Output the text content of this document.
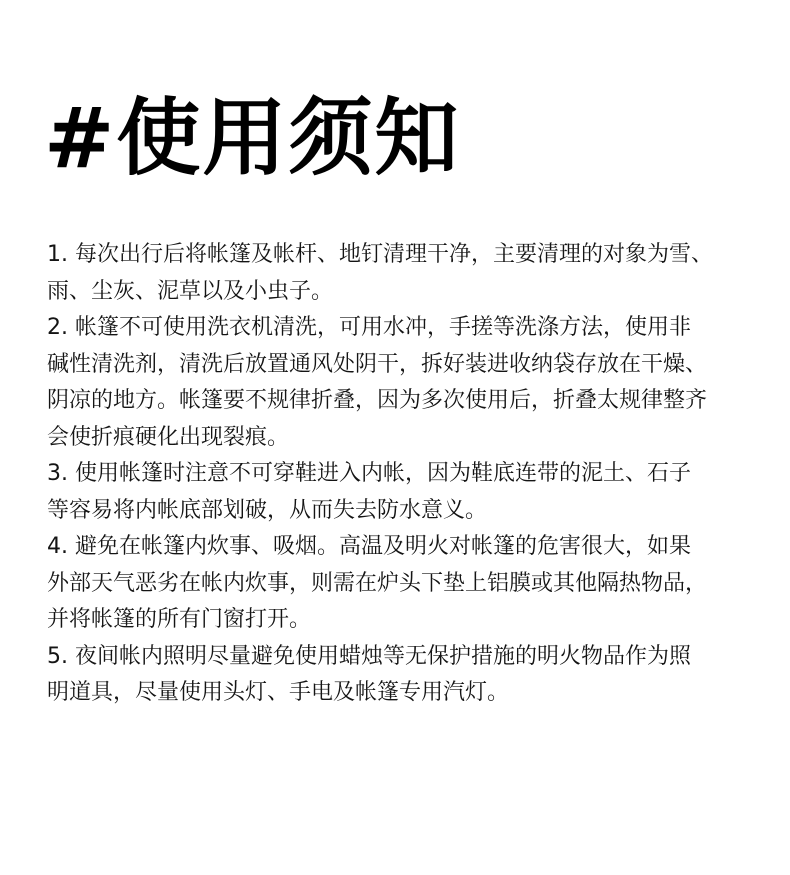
#使用须知
1. 每次出行后将帐篷及帐杆、地钉清理干净，主要清理的对象为雪、
雨、尘灰、泥草以及小虫子。
2. 帐篷不可使用洗衣机清洗，可用水冲，手搓等洗涤方法，使用非
碱性清洗剂，清洗后放置通风处阴干，拆好装进收纳袋存放在干燥、
阴凉的地方。帐篷要不规律折叠，因为多次使用后，折叠太规律整齐
会使折痕硬化出现裂痕。
3. 使用帐篷时注意不可穿鞋进入内帐，因为鞋底连带的泥土、石子
等容易将内帐底部划破，从而失去防水意义。
4. 避免在帐篷内炊事、吸烟。高温及明火对帐篷的危害很大，如果
外部天气恶劣在帐内炊事，则需在炉头下垫上铝膜或其他隔热物品，
并将帐篷的所有门窗打开。
5. 夜间帐内照明尽量避免使用蜡烛等无保护措施的明火物品作为照
明道具，尽量使用头灯、手电及帐篷专用汽灯。
